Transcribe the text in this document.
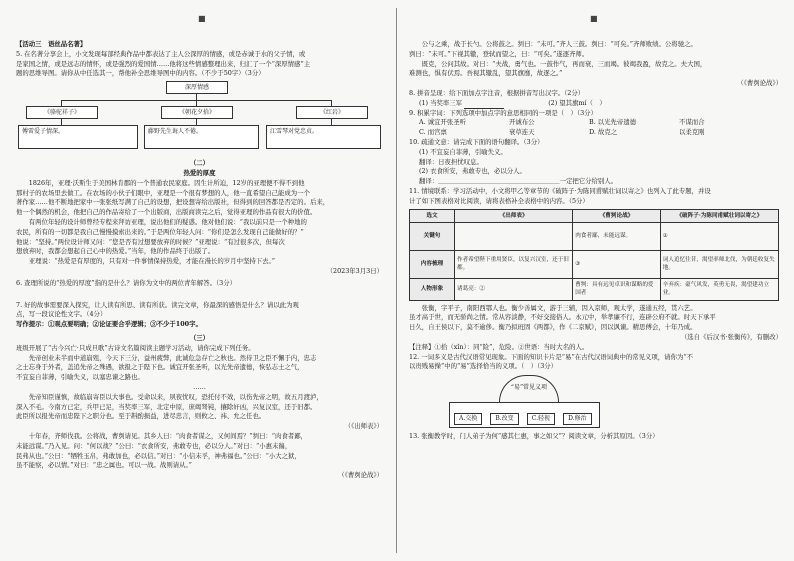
■	■
【活动三　语丝品名著】
5. 在名著分享会上，小文发现每部经典作品中都表达了主人公深厚的情感，或是赤诚于水的父子情，或
是家国之情，或是远志的情怀，或是强烈的爱国情……他将这些情感整理出来，归汇了一个“深厚情感”主
题的思维导图。请你从中任选其一，帮他补全思维导图中的内容。（不少于50字）（3分）
深厚情感
《骆驼祥子》	《朝花夕拾》	《红岩》
傅雷爱子情深。	藤野先生诲人不倦。	江雪琴对党忠贞。
（二）
热爱的厚度
1826年，亚理·沃斯生于美国林肯郡的一个普通农民家庭。因生计所迫，12岁的亚理便不得不到他
那村子的农场里去做工。在农场的小伙子们眼中，亚理是一个很有梦想的人，他一直希望自己能成为一个
著作家……他不断地把家中一张张纸写满了自己的设想，把设想寄给出版社，但得到的回答都是否定的。后来，
他一个偶然的机会，他把自己的作品寄给了一个出版商，出版商读完之后，觉得亚理的作品有很大的价值。
有两位年轻的设计师曾经专程来拜访亚理，说出他们的疑惑。他对他们说：“我以前只是一个种地的
农民，所有的一切都是我自己慢慢摸索出来的。”于是两位年轻人问：“你们是怎么发现自己能做好的？”
他说：“坚持。”两位设计师又问：“您是否有过想要放弃的时候？”亚理说：“有过很多次，但每次
想放弃时，我都会想起自己心中的热爱。”当年，他的作品终于出版了。
亚理说：“热爱是有厚度的，只有对一件事情保持热爱，才能在漫长的岁月中坚持下去。”
（2023年3月3日）
6. 查理所说的“热爱的厚度”指的是什么？请你为文中的两位青年解答。（3分）
7. 好的故事需要深入探究，让人读有所思、读有所获。读完文章，你最深的感悟是什么？请以此为观
点，写一段议论性文字。（4分）
写作提示：①观点要明确；②论证要合乎逻辑；③不少于100字。
（三）
班级开展了“古今兴亡·只成旦歌”古诗文名篇阅读主题学习活动，请你完成下列任务。
先帝创业未半而中道崩殂，今天下三分，益州疲弊，此诚危急存亡之秋也。然侍卫之臣不懈于内，忠志
之士忘身于外者，盖追先帝之殊遇，欲报之于陛下也。诚宜开张圣听，以光先帝遗德，恢弘志士之气，
不宜妄自菲薄，引喻失义，以塞忠谏之路也。
……
先帝知臣谨慎，故临崩寄臣以大事也。受命以来，夙夜忧叹，恐托付不效，以伤先帝之明，故五月渡泸，
深入不毛。今南方已定，兵甲已足，当奖率三军，北定中原，庶竭驽钝，攘除奸凶，兴复汉室，还于旧都。
此臣所以报先帝而忠陛下之职分也。至于斟酌损益，进尽忠言，则攸之、祎、允之任也。
（《出师表》）
十年春，齐师伐我。公将战，曹刿请见。其乡人曰：“肉食者谋之，又何间焉？”刿曰：“肉食者鄙，
未能远谋。”乃入见。问：“何以战？”公曰：“衣食所安，弗敢专也，必以分人。”对曰：“小惠未徧，
民弗从也。”公曰：“牺牲玉帛，弗敢加也，必以信。”对曰：“小信未孚，神弗福也。”公曰：“小大之狱，
虽不能察，必以情。”对曰：“忠之属也。可以一战。战则请从。”
（《曹刿论战》）
公与之乘，战于长勺。公将鼓之。刿曰：“未可。”齐人三鼓。刿曰：“可矣。”齐师败绩。公将驰之。
刿曰：“未可。”下视其辙，登轼而望之，曰：“可矣。”遂逐齐师。
既克，公问其故。对曰：“夫战，勇气也。一鼓作气，再而衰，三而竭。彼竭我盈，故克之。夫大国，
难测也，惧有伏焉。吾视其辙乱，望其旗靡，故逐之。”
（《曹刿论战》）
8. 拼音呈现：给下面加点字注音，根据拼音写出汉字。（2分）
(1) 当奖率三军	(2) 望其旗mí（　）
9. 积累字词：下列选项中加点字的意思相同的一项是（　）（3分）
A. 诚宜开张圣听	开诚布公	B. 以光先帝遗德	不谋而合
C. 而宫禀	衰草连天	D. 故克之	以柔克刚
10. 疏通文意：请完成下面的语句翻译。（3分）
(1) 不宜妄自菲薄，引喻失义。
翻译：日夜担忧叹息。
(2) 衣食所安，弗敢专也，必以分人。
翻译：＿＿＿＿＿＿＿＿＿＿＿＿＿＿＿＿＿＿＿一定把它分给别人。
11. 情境联系：学习活动中，小文将甲乙等章节的《破阵子·为陈同甫赋壮词以寄之》也列入了此专题，并设
计了如下图表格对比阅读，请将表格补全表格中的内容。（5分）
选文	《出师表》	《曹刿论战》	《破阵子·为陈同甫赋壮词以寄之》
关键句		肉食者鄙，未能远谋。	①
内容梳理	作者希望陛下重用贤臣，以复兴汉室，还于旧都。	③	词人追忆往昔，渴望率师北伐，为朝廷收复失地。
人物形象	诸葛亮：②	曹刿：具有远见卓识和谋略的爱国者	辛弃疾：豪气风发，英勇无畏，渴望建功立业。
张衡，字平子，南阳西鄂人也。衡少善属文，游于三辅，因入京师，观太学，遂通五经，贯六艺。
虽才高于世，而无骄尚之情。常从容淡静，不好交接俗人。永元中，举孝廉不行，连辟公府不就。时天下承平
日久，自王侯以下，莫不逾侈。衡乃拟班固《两都》，作《二京赋》，因以讽谏。精思傅会，十年乃成。
（选自《后汉书·张衡传》，有删改）
【注释】①拾（xǐn）：同“险”，危险。②世语：当时大名的人。
12. 一词多义是古代汉语常见现象。下面的知识卡片是“易”在古代汉语词典中的常见义项，请你为“不
以贵贱易操”中的“易”选择恰当的义项。（　）（3分）
“易”常见义项
A.交换	B.改变	C.轻视	D.修治
13. 张衡教学时，门人弟子为何“感其仁惠，事之如父”？阅读文章，分析其原因。（3分）
